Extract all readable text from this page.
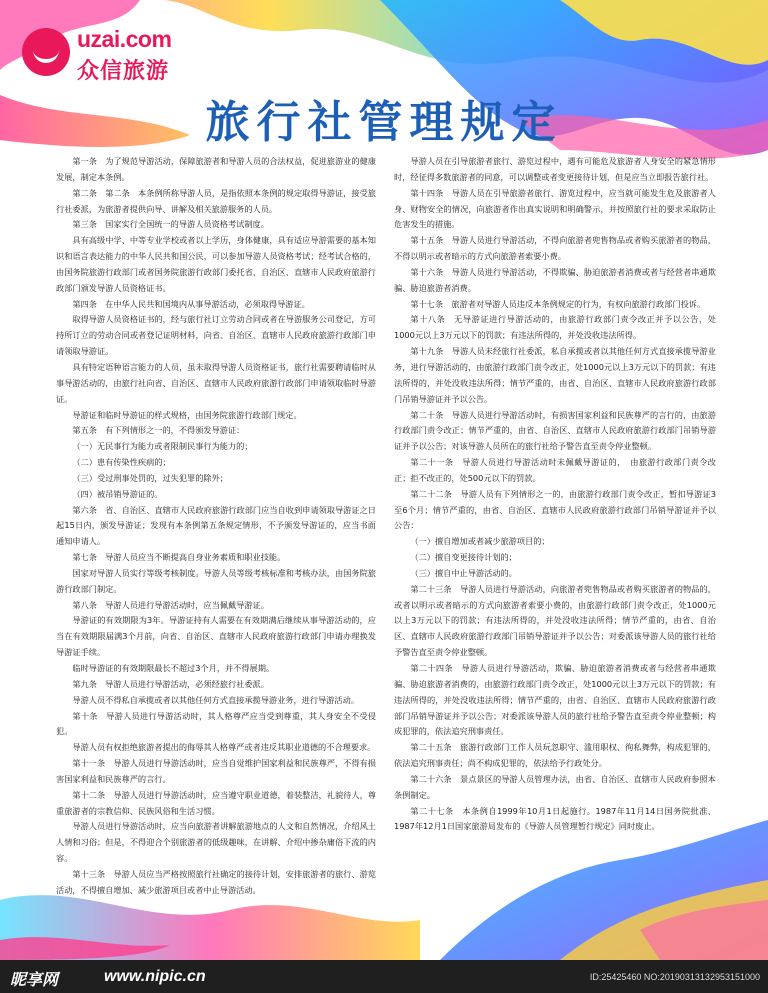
uzai.com
众信旅游
旅行社管理规定

第一条　为了规范导游活动，保障旅游者和导游人员的合法权益，促进旅游业的健康发展，制定本条例。

第二条　第二条　本条例所称导游人员，是指依照本条例的规定取得导游证，接受旅行社委派，为旅游者提供向导、讲解及相关旅游服务的人员。

第三条　国家实行全国统一的导游人员资格考试制度。

具有高级中学、中等专业学校或者以上学历，身体健康，具有适应导游需要的基本知识和语言表达能力的中华人民共和国公民，可以参加导游人员资格考试；经考试合格的，由国务院旅游行政部门或者国务院旅游行政部门委托省、自治区、直辖市人民政府旅游行政部门颁发导游人员资格证书。

第四条　在中华人民共和国境内从事导游活动，必须取得导游证。

取得导游人员资格证书的，经与旅行社订立劳动合同或者在导游服务公司登记，方可持所订立的劳动合同或者登记证明材料，向省、自治区、直辖市人民政府旅游行政部门申请领取导游证。

具有特定语种语言能力的人员，虽未取得导游人员资格证书，旅行社需要聘请临时从事导游活动的，由旅行社向省、自治区、直辖市人民政府旅游行政部门申请领取临时导游证。

导游证和临时导游证的样式规格，由国务院旅游行政部门规定。

第五条　有下列情形之一的，不得颁发导游证：

（一）无民事行为能力或者限制民事行为能力的；

（二）患有传染性疾病的；

（三）受过刑事处罚的，过失犯罪的除外；

（四）被吊销导游证的。

第六条　省、自治区、直辖市人民政府旅游行政部门应当自收到申请领取导游证之日起15日内，颁发导游证；发现有本条例第五条规定情形，不予颁发导游证的，应当书面通知申请人。

第七条　导游人员应当不断提高自身业务素质和职业技能。

国家对导游人员实行等级考核制度。导游人员等级考核标准和考核办法，由国务院旅游行政部门制定。

第八条　导游人员进行导游活动时，应当佩戴导游证。

导游证的有效期限为3年。导游证持有人需要在有效期满后继续从事导游活动的，应当在有效期限届满3个月前，向省、自治区、直辖市人民政府旅游行政部门申请办理换发导游证手续。

临时导游证的有效期限最长不超过3个月，并不得展期。

第九条　导游人员进行导游活动，必须经旅行社委派。

导游人员不得私自承揽或者以其他任何方式直接承揽导游业务，进行导游活动。

第十条　导游人员进行导游活动时，其人格尊严应当受到尊重，其人身安全不受侵犯。

导游人员有权拒绝旅游者提出的侮辱其人格尊严或者违反其职业道德的不合理要求。

第十一条　导游人员进行导游活动时，应当自觉维护国家利益和民族尊严，不得有损害国家利益和民族尊严的言行。

第十二条　导游人员进行导游活动时，应当遵守职业道德，着装整洁，礼貌待人，尊重旅游者的宗教信仰、民族风俗和生活习惯。

导游人员进行导游活动时，应当向旅游者讲解旅游地点的人文和自然情况，介绍风土人情和习俗；但是，不得迎合个别旅游者的低级趣味，在讲解、介绍中掺杂庸俗下流的内容。

第十三条　导游人员应当严格按照旅行社确定的接待计划，安排旅游者的旅行、游览活动，不得擅自增加、减少旅游项目或者中止导游活动。

导游人员在引导旅游者旅行、游览过程中，遇有可能危及旅游者人身安全的紧急情形时，经征得多数旅游者的同意，可以调整或者变更接待计划，但是应当立即报告旅行社。

第十四条　导游人员在引导旅游者旅行、游览过程中，应当就可能发生危及旅游者人身、财物安全的情况，向旅游者作出真实说明和明确警示，并按照旅行社的要求采取防止危害发生的措施。

第十五条　导游人员进行导游活动，不得向旅游者兜售物品或者购买旅游者的物品，不得以明示或者暗示的方式向旅游者索要小费。

第十六条　导游人员进行导游活动，不得欺骗、胁迫旅游者消费或者与经营者串通欺骗、胁迫旅游者消费。

第十七条　旅游者对导游人员违反本条例规定的行为，有权向旅游行政部门投诉。

第十八条　无导游证进行导游活动的，由旅游行政部门责令改正并予以公告，处1000元以上3万元以下的罚款；有违法所得的，并处没收违法所得。

第十九条　导游人员未经旅行社委派，私自承揽或者以其他任何方式直接承揽导游业务，进行导游活动的，由旅游行政部门责令改正，处1000元以上3万元以下的罚款；有违法所得的，并处没收违法所得；情节严重的，由省、自治区、直辖市人民政府旅游行政部门吊销导游证并予以公告。

第二十条　导游人员进行导游活动时，有损害国家利益和民族尊严的言行的，由旅游行政部门责令改正；情节严重的，由省、自治区、直辖市人民政府旅游行政部门吊销导游证并予以公告；对该导游人员所在的旅行社给予警告直至责令停业整顿。

第二十一条　导游人员进行导游活动时未佩戴导游证的，　由旅游行政部门责令改正；拒不改正的，处500元以下的罚款。

第二十二条　导游人员有下列情形之一的，由旅游行政部门责令改正，暂扣导游证3至6个月；情节严重的，由省、自治区、直辖市人民政府旅游行政部门吊销导游证并予以公告：

（一）擅自增加或者减少旅游项目的；

（二）擅自变更接待计划的；

（三）擅自中止导游活动的。

第二十三条　导游人员进行导游活动，向旅游者兜售物品或者购买旅游者的物品的，或者以明示或者暗示的方式向旅游者索要小费的，由旅游行政部门责令改正，处1000元以上3万元以下的罚款；有违法所得的，并处没收违法所得；情节严重的，由省、自治区、直辖市人民政府旅游行政部门吊销导游证并予以公告；对委派该导游人员的旅行社给予警告直至责令停业整顿。

第二十四条　导游人员进行导游活动，欺骗、胁迫旅游者消费或者与经营者串通欺骗、胁迫旅游者消费的，由旅游行政部门责令改正，处1000元以上3万元以下的罚款；有违法所得的，并处没收违法所得；情节严重的，由省、自治区、直辖市人民政府旅游行政部门吊销导游证并予以公告；对委派该导游人员的旅行社给予警告直至责令停业整顿；构成犯罪的，依法追究刑事责任。

第二十五条　旅游行政部门工作人员玩忽职守、滥用职权、徇私舞弊，构成犯罪的，依法追究刑事责任；尚不构成犯罪的，依法给予行政处分。

第二十六条　景点景区的导游人员管理办法，由省、自治区、直辖市人民政府参照本条例制定。

第二十七条　本条例自1999年10月1日起施行。1987年11月14日国务院批准、1987年12月1日国家旅游局发布的《导游人员管理暂行规定》同时废止。

昵享网	www.nipic.cn	ID:25425460 NO:20190313132953151000
